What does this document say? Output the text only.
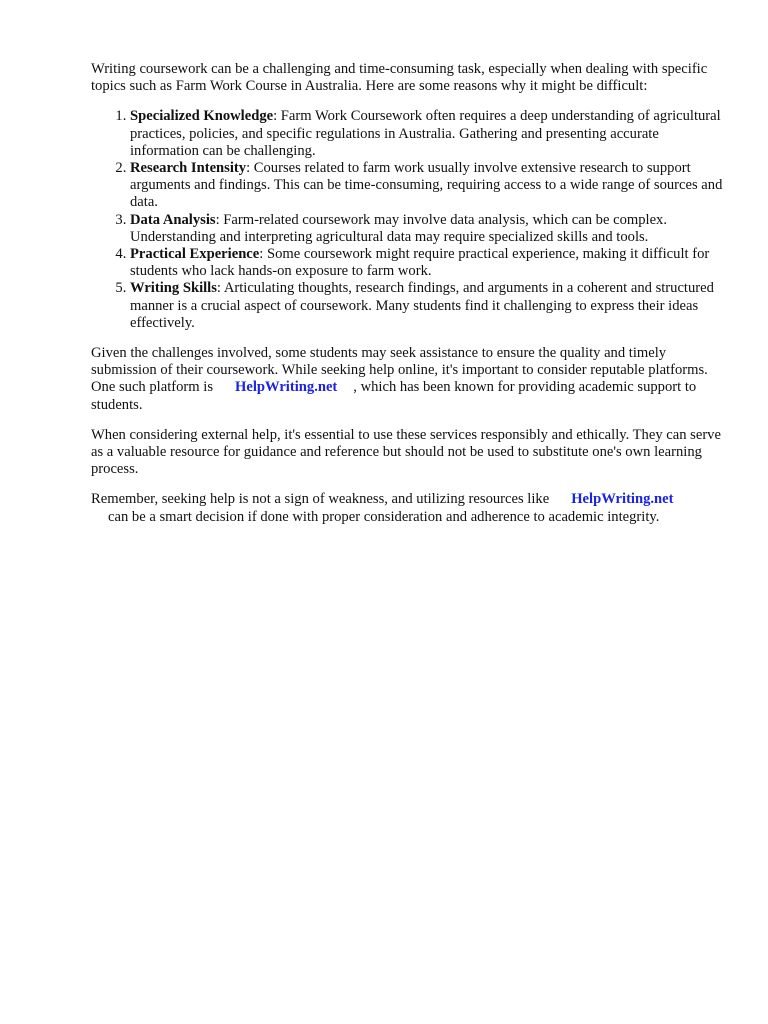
Writing coursework can be a challenging and time-consuming task, especially when dealing with specific topics such as Farm Work Course in Australia. Here are some reasons why it might be difficult:

1. Specialized Knowledge: Farm Work Coursework often requires a deep understanding of agricultural practices, policies, and specific regulations in Australia. Gathering and presenting accurate information can be challenging.
2. Research Intensity: Courses related to farm work usually involve extensive research to support arguments and findings. This can be time-consuming, requiring access to a wide range of sources and data.
3. Data Analysis: Farm-related coursework may involve data analysis, which can be complex. Understanding and interpreting agricultural data may require specialized skills and tools.
4. Practical Experience: Some coursework might require practical experience, making it difficult for students who lack hands-on exposure to farm work.
5. Writing Skills: Articulating thoughts, research findings, and arguments in a coherent and structured manner is a crucial aspect of coursework. Many students find it challenging to express their ideas effectively.

Given the challenges involved, some students may seek assistance to ensure the quality and timely submission of their coursework. While seeking help online, it's important to consider reputable platforms. One such platform is HelpWriting.net , which has been known for providing academic support to students.

When considering external help, it's essential to use these services responsibly and ethically. They can serve as a valuable resource for guidance and reference but should not be used to substitute one's own learning process.

Remember, seeking help is not a sign of weakness, and utilizing resources like HelpWriting.net
can be a smart decision if done with proper consideration and adherence to academic integrity.
